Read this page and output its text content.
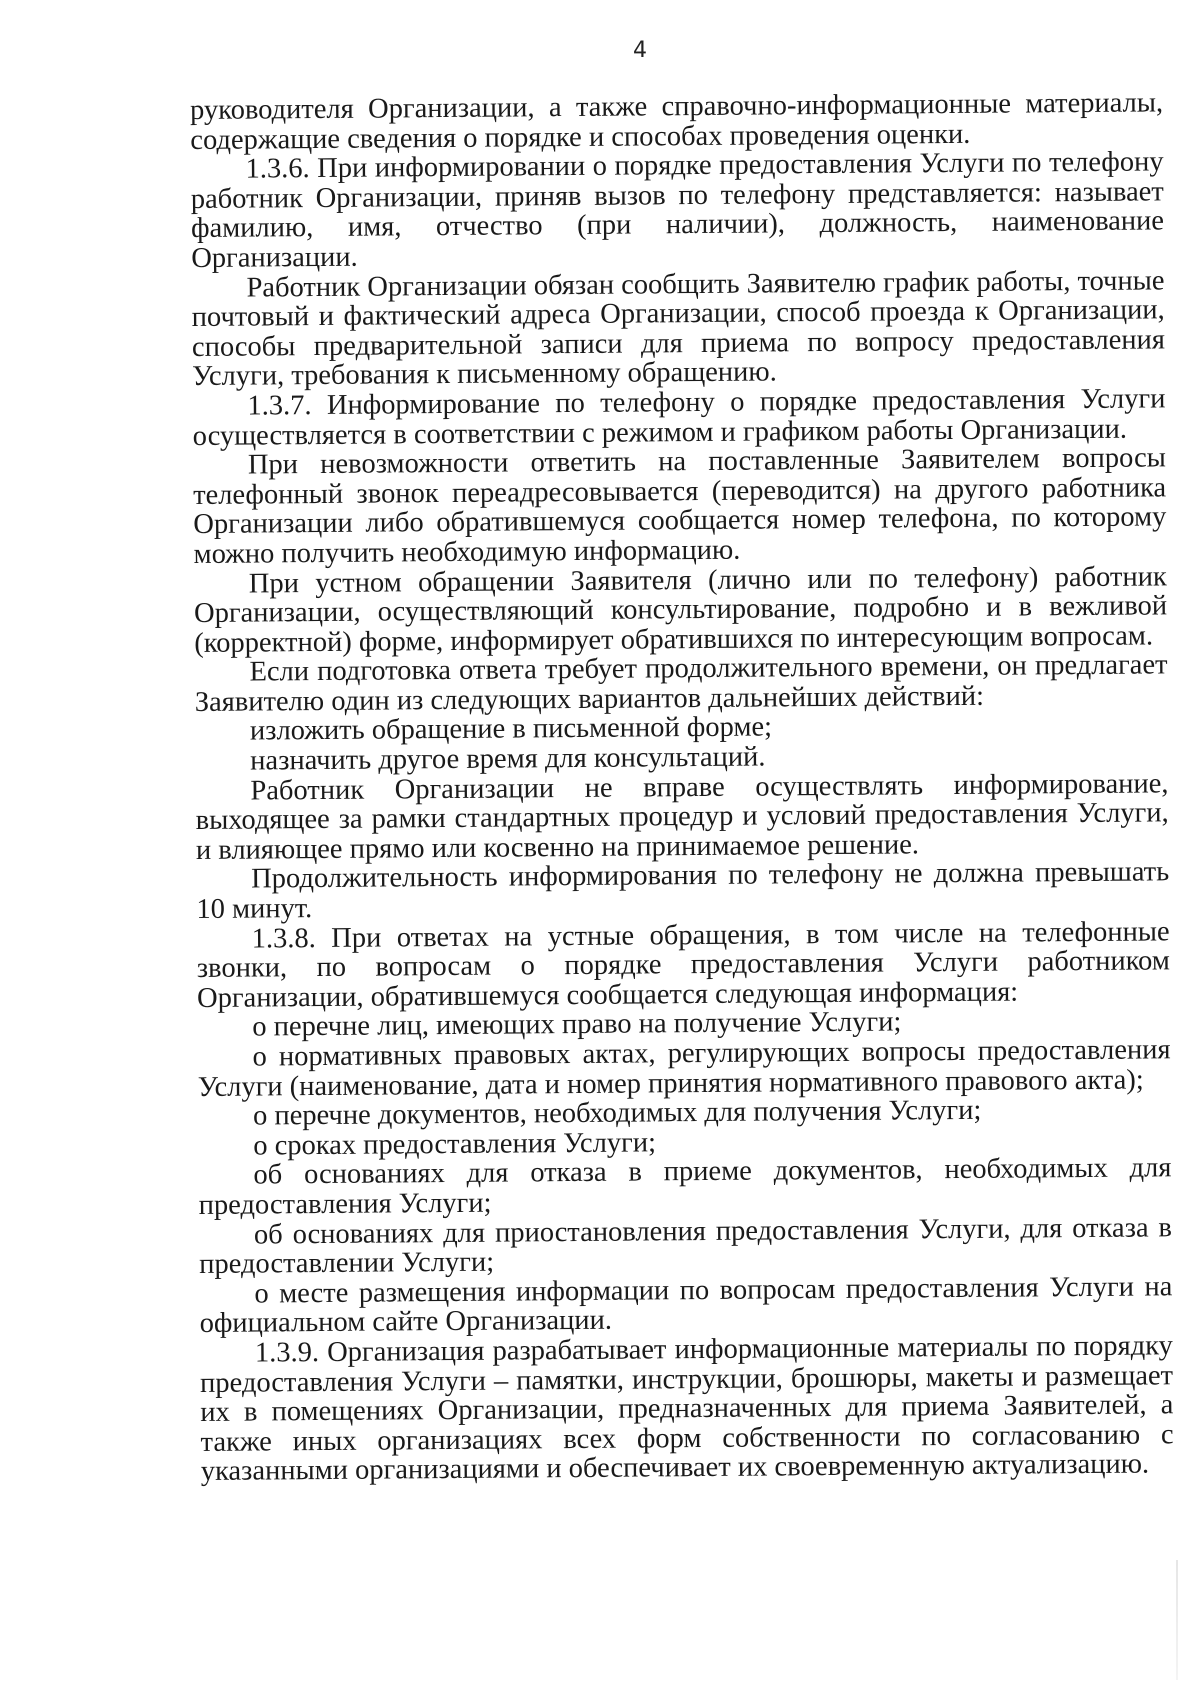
4

руководителя Организации, а также справочно-информационные материалы, содержащие сведения о порядке и способах проведения оценки.

1.3.6. При информировании о порядке предоставления Услуги по телефону работник Организации, приняв вызов по телефону представляется: называет фамилию, имя, отчество (при наличии), должность, наименование Организации.

Работник Организации обязан сообщить Заявителю график работы, точные почтовый и фактический адреса Организации, способ проезда к Организации, способы предварительной записи для приема по вопросу предоставления Услуги, требования к письменному обращению.

1.3.7. Информирование по телефону о порядке предоставления Услуги осуществляется в соответствии с режимом и графиком работы Организации.

При невозможности ответить на поставленные Заявителем вопросы телефонный звонок переадресовывается (переводится) на другого работника Организации либо обратившемуся сообщается номер телефона, по которому можно получить необходимую информацию.

При устном обращении Заявителя (лично или по телефону) работник Организации, осуществляющий консультирование, подробно и в вежливой (корректной) форме, информирует обратившихся по интересующим вопросам.

Если подготовка ответа требует продолжительного времени, он предлагает Заявителю один из следующих вариантов дальнейших действий:

изложить обращение в письменной форме;

назначить другое время для консультаций.

Работник Организации не вправе осуществлять информирование, выходящее за рамки стандартных процедур и условий предоставления Услуги, и влияющее прямо или косвенно на принимаемое решение.

Продолжительность информирования по телефону не должна превышать 10 минут.

1.3.8. При ответах на устные обращения, в том числе на телефонные звонки, по вопросам о порядке предоставления Услуги работником Организации, обратившемуся сообщается следующая информация:

о перечне лиц, имеющих право на получение Услуги;

о нормативных правовых актах, регулирующих вопросы предоставления Услуги (наименование, дата и номер принятия нормативного правового акта);

о перечне документов, необходимых для получения Услуги;

о сроках предоставления Услуги;

об основаниях для отказа в приеме документов, необходимых для предоставления Услуги;

об основаниях для приостановления предоставления Услуги, для отказа в предоставлении Услуги;

о месте размещения информации по вопросам предоставления Услуги на официальном сайте Организации.

1.3.9. Организация разрабатывает информационные материалы по порядку предоставления Услуги – памятки, инструкции, брошюры, макеты и размещает их в помещениях Организации, предназначенных для приема Заявителей, а также иных организациях всех форм собственности по согласованию с указанными организациями и обеспечивает их своевременную актуализацию.
